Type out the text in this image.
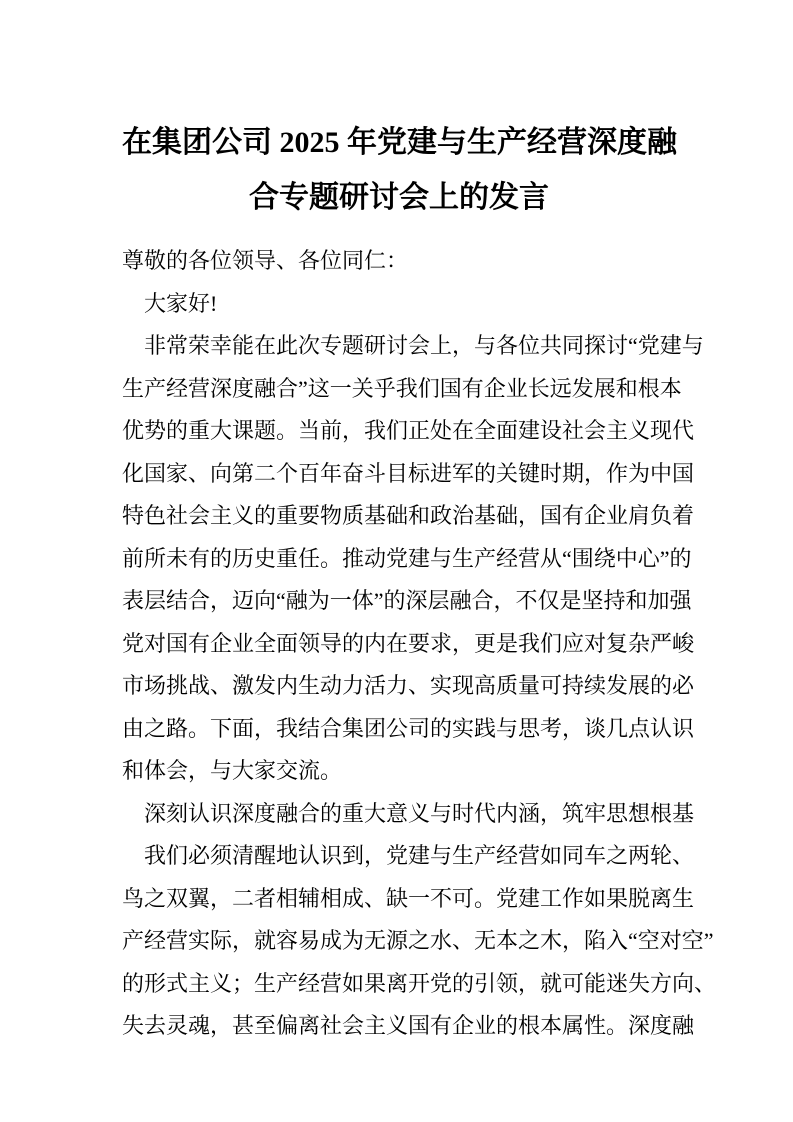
在集团公司 2025 年党建与生产经营深度融
合专题研讨会上的发言
尊敬的各位领导、各位同仁：
大家好!
非常荣幸能在此次专题研讨会上，与各位共同探讨“党建与
生产经营深度融合”这一关乎我们国有企业长远发展和根本
优势的重大课题。当前，我们正处在全面建设社会主义现代
化国家、向第二个百年奋斗目标进军的关键时期，作为中国
特色社会主义的重要物质基础和政治基础，国有企业肩负着
前所未有的历史重任。推动党建与生产经营从“围绕中心”的
表层结合，迈向“融为一体”的深层融合，不仅是坚持和加强
党对国有企业全面领导的内在要求，更是我们应对复杂严峻
市场挑战、激发内生动力活力、实现高质量可持续发展的必
由之路。下面，我结合集团公司的实践与思考，谈几点认识
和体会，与大家交流。
深刻认识深度融合的重大意义与时代内涵，筑牢思想根基
我们必须清醒地认识到，党建与生产经营如同车之两轮、
鸟之双翼，二者相辅相成、缺一不可。党建工作如果脱离生
产经营实际，就容易成为无源之水、无本之木，陷入“空对空”
的形式主义；生产经营如果离开党的引领，就可能迷失方向、
失去灵魂，甚至偏离社会主义国有企业的根本属性。深度融
